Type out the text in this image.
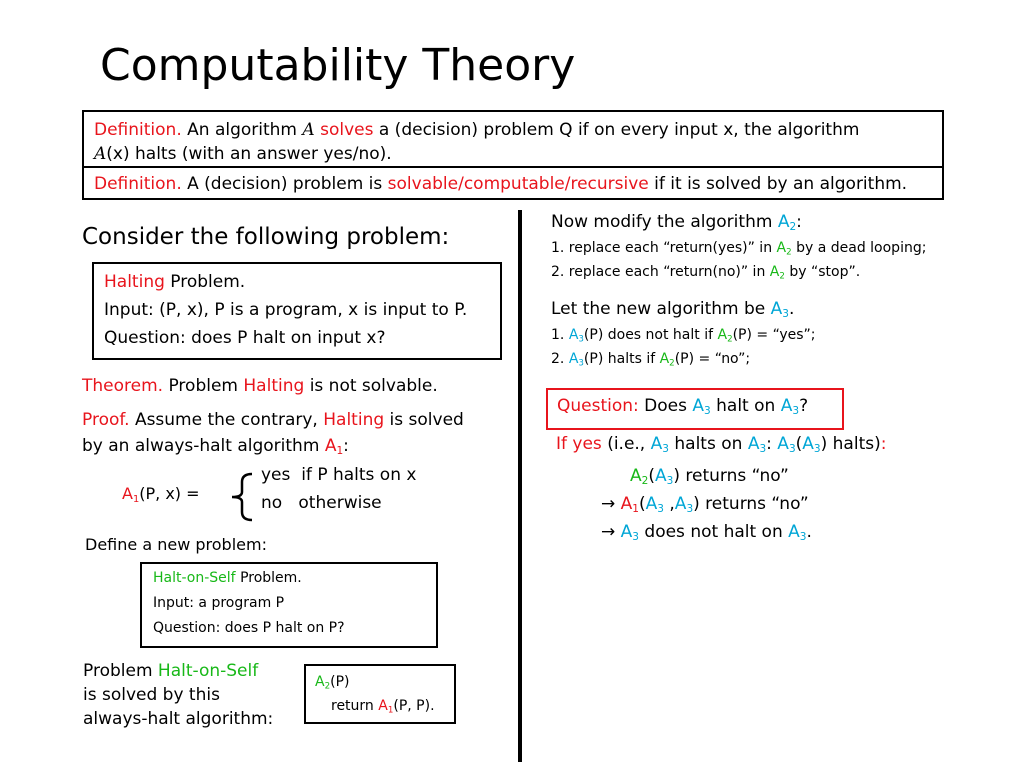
Computability Theory
Definition. An algorithm A solves a (decision) problem Q if on every input x, the algorithm
A(x) halts (with an answer yes/no).
Definition. A (decision) problem is solvable/computable/recursive if it is solved by an algorithm.
Consider the following problem:
Halting Problem.
Input: (P, x), P is a program, x is input to P.
Question: does P halt on input x?
Theorem. Problem Halting is not solvable.
Proof. Assume the contrary, Halting is solved
by an always-halt algorithm $A_1$:
$A_1(P$, x) =
yes if P halts on x
no otherwise
Define a new problem:
Halt-on-Self Problem.
Input: a program P
Question: does P halt on P?
Problem Halt-on-Self
is solved by this
always-halt algorithm:
$A_2(P)$
return $A_1(P$, P).
Now modify the algorithm $A_2$:
1. replace each “return(yes)” in $A_2$ by a dead looping;
2. replace each “return(no)” in $A_2$ by “stop”.
Let the new algorithm be $A_3$.
1. $A_3(P)$ does not halt if $A_2(P)$ = “yes”;
2. $A_3(P)$ halts if $A_2(P)$ = “no”;
Question: Does $A_3$ halt on $A_3$?
If yes (i.e., $A_3$ halts on $A_3$: $A_3(A_3)$ halts):
$A_2(A_3)$ returns “no”
→ $A_1(A_3$ $,A_3$) returns “no”
→ $A_3$ does not halt on $A_3$.
